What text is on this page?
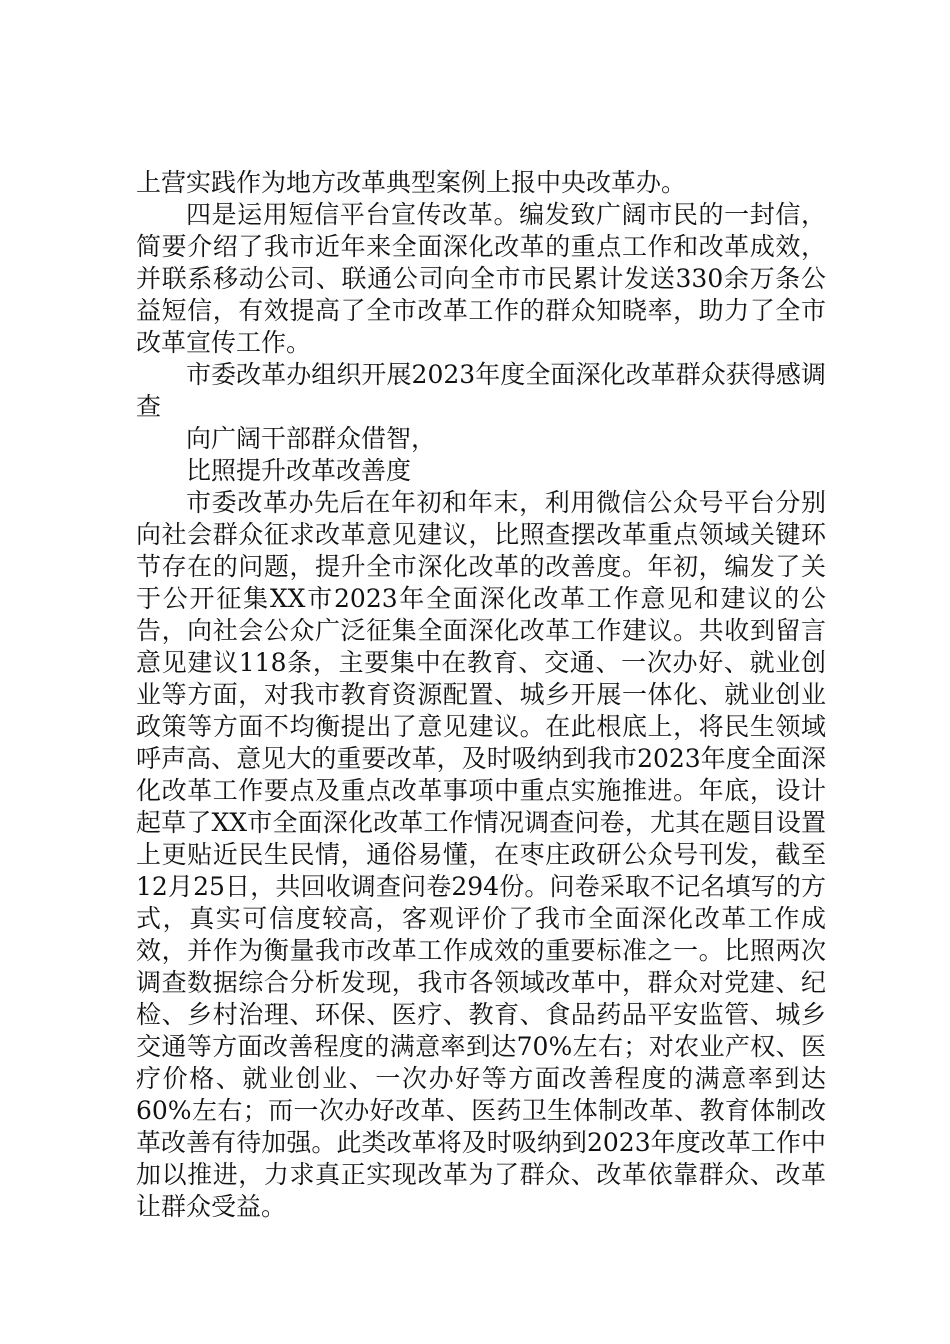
上营实践作为地方改革典型案例上报中央改革办。

四是运用短信平台宣传改革。编发致广阔市民的一封信，简要介绍了我市近年来全面深化改革的重点工作和改革成效，并联系移动公司、联通公司向全市市民累计发送330余万条公益短信，有效提高了全市改革工作的群众知晓率，助力了全市改革宣传工作。

市委改革办组织开展2023年度全面深化改革群众获得感调查

向广阔干部群众借智，

比照提升改革改善度

市委改革办先后在年初和年末，利用微信公众号平台分别向社会群众征求改革意见建议，比照查摆改革重点领域关键环节存在的问题，提升全市深化改革的改善度。年初，编发了关于公开征集XX市2023年全面深化改革工作意见和建议的公告，向社会公众广泛征集全面深化改革工作建议。共收到留言意见建议118条，主要集中在教育、交通、一次办好、就业创业等方面，对我市教育资源配置、城乡开展一体化、就业创业政策等方面不均衡提出了意见建议。在此根底上，将民生领域呼声高、意见大的重要改革，及时吸纳到我市2023年度全面深化改革工作要点及重点改革事项中重点实施推进。年底，设计起草了XX市全面深化改革工作情况调查问卷，尤其在题目设置上更贴近民生民情，通俗易懂，在枣庄政研公众号刊发，截至12月25日，共回收调查问卷294份。问卷采取不记名填写的方式，真实可信度较高，客观评价了我市全面深化改革工作成效，并作为衡量我市改革工作成效的重要标准之一。比照两次调查数据综合分析发现，我市各领域改革中，群众对党建、纪检、乡村治理、环保、医疗、教育、食品药品平安监管、城乡交通等方面改善程度的满意率到达70%左右；对农业产权、医疗价格、就业创业、一次办好等方面改善程度的满意率到达60%左右；而一次办好改革、医药卫生体制改革、教育体制改革改善有待加强。此类改革将及时吸纳到2023年度改革工作中加以推进，力求真正实现改革为了群众、改革依靠群众、改革让群众受益。
